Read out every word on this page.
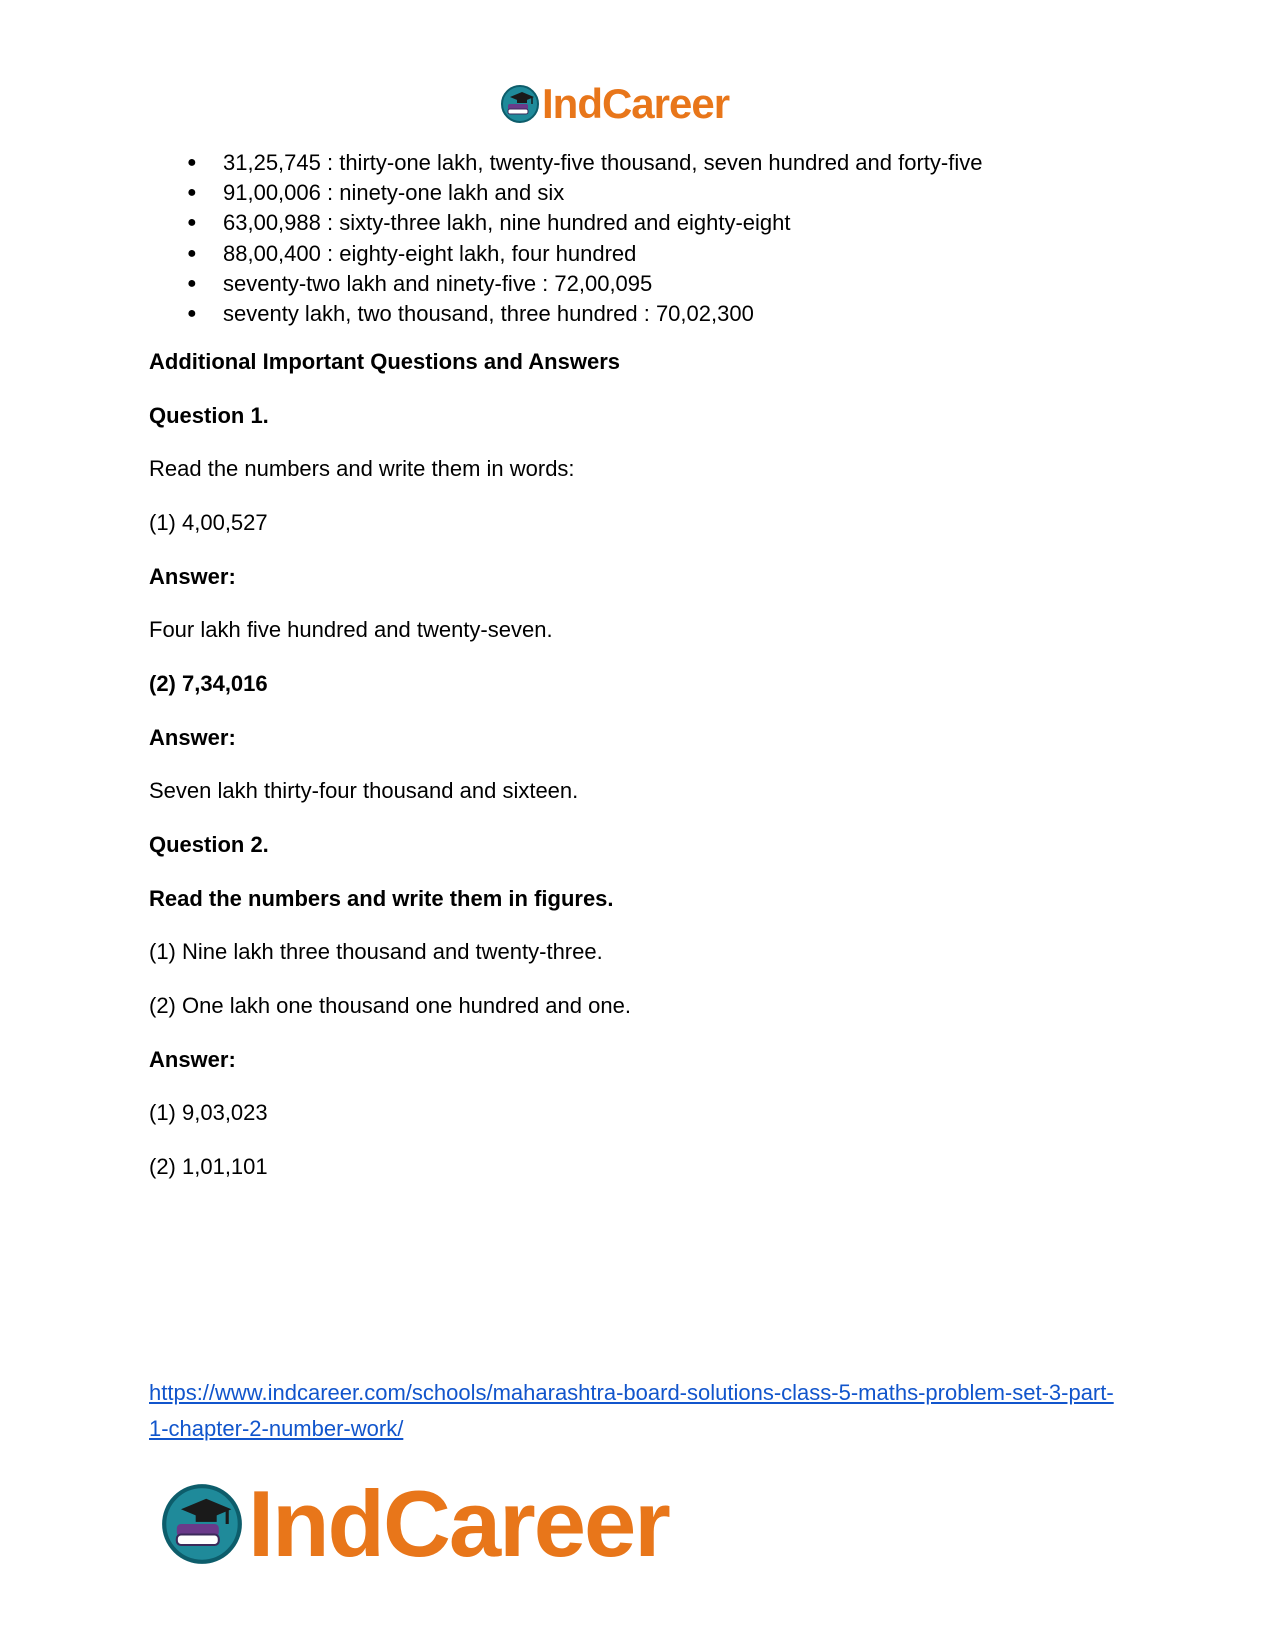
IndCareer
● 31,25,745 : thirty-one lakh, twenty-five thousand, seven hundred and forty-five
● 91,00,006 : ninety-one lakh and six
● 63,00,988 : sixty-three lakh, nine hundred and eighty-eight
● 88,00,400 : eighty-eight lakh, four hundred
● seventy-two lakh and ninety-five : 72,00,095
● seventy lakh, two thousand, three hundred : 70,02,300
Additional Important Questions and Answers
Question 1.
Read the numbers and write them in words:
(1) 4,00,527
Answer:
Four lakh five hundred and twenty-seven.
(2) 7,34,016
Answer:
Seven lakh thirty-four thousand and sixteen.
Question 2.
Read the numbers and write them in figures.
(1) Nine lakh three thousand and twenty-three.
(2) One lakh one thousand one hundred and one.
Answer:
(1) 9,03,023
(2) 1,01,101
https://www.indcareer.com/schools/maharashtra-board-solutions-class-5-maths-problem-set-3-part-1-chapter-2-number-work/
IndCareer
